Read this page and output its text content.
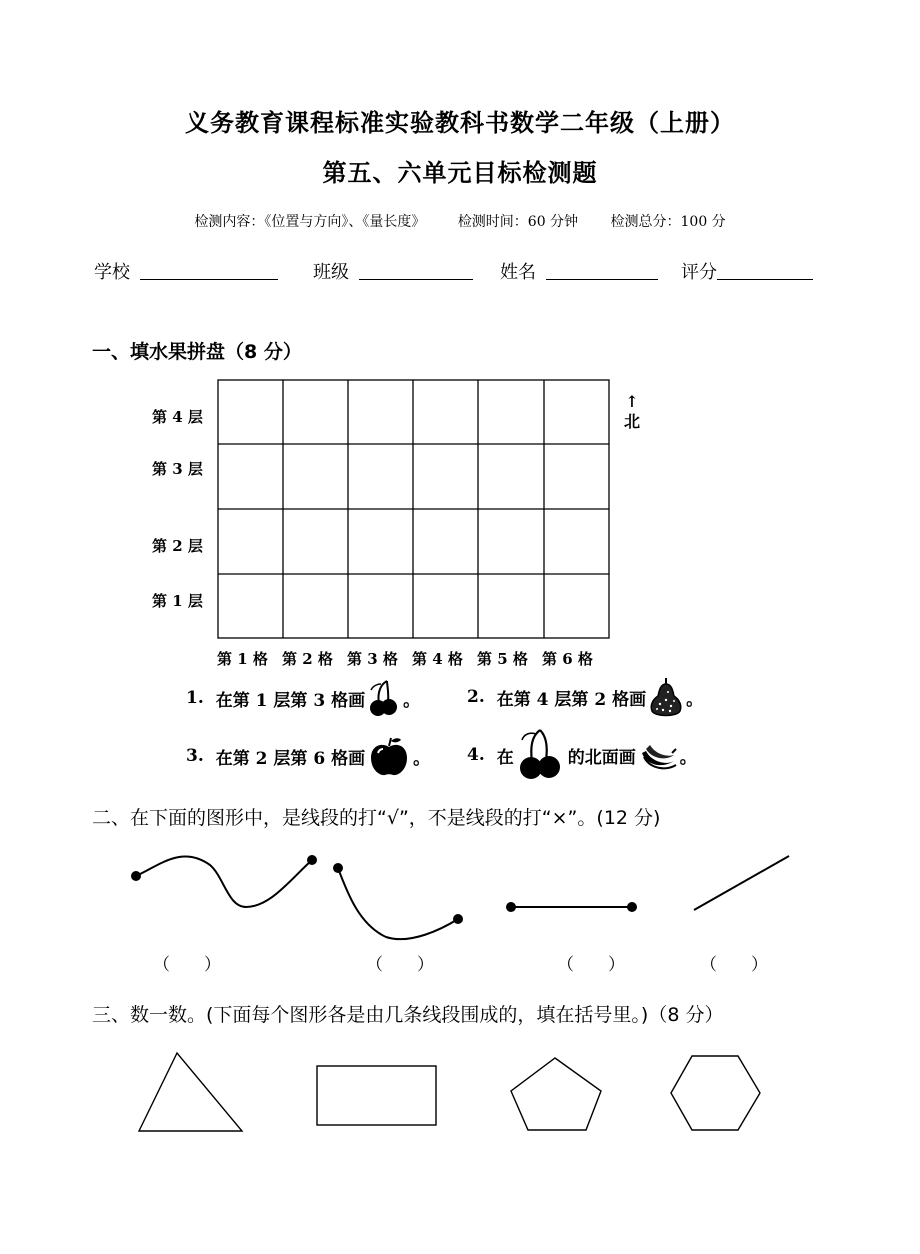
义务教育课程标准实验教科书数学二年级（上册）
第五、六单元目标检测题
检测内容：《位置与方向》、《量长度》 检测时间：60 分钟 检测总分：100 分
学校	班级	姓名	评分
一、填水果拼盘（8 分）
第 4 层
第 3 层
第 2 层
第 1 层
第 1 格 第 2 格 第 3 格 第 4 格 第 5 格 第 6 格
↑
北
1. 在第 1 层第 3 格画 。	2. 在第 4 层第 2 格画 。
3. 在第 2 层第 6 格画	。 4. 在	的北面画	。
二、在下面的图形中，是线段的打“√”，不是线段的打“×”。(12 分)
（　　）	（　　）	（　　）	（　　）
三、数一数。(下面每个图形各是由几条线段围成的，填在括号里。)（8 分）
